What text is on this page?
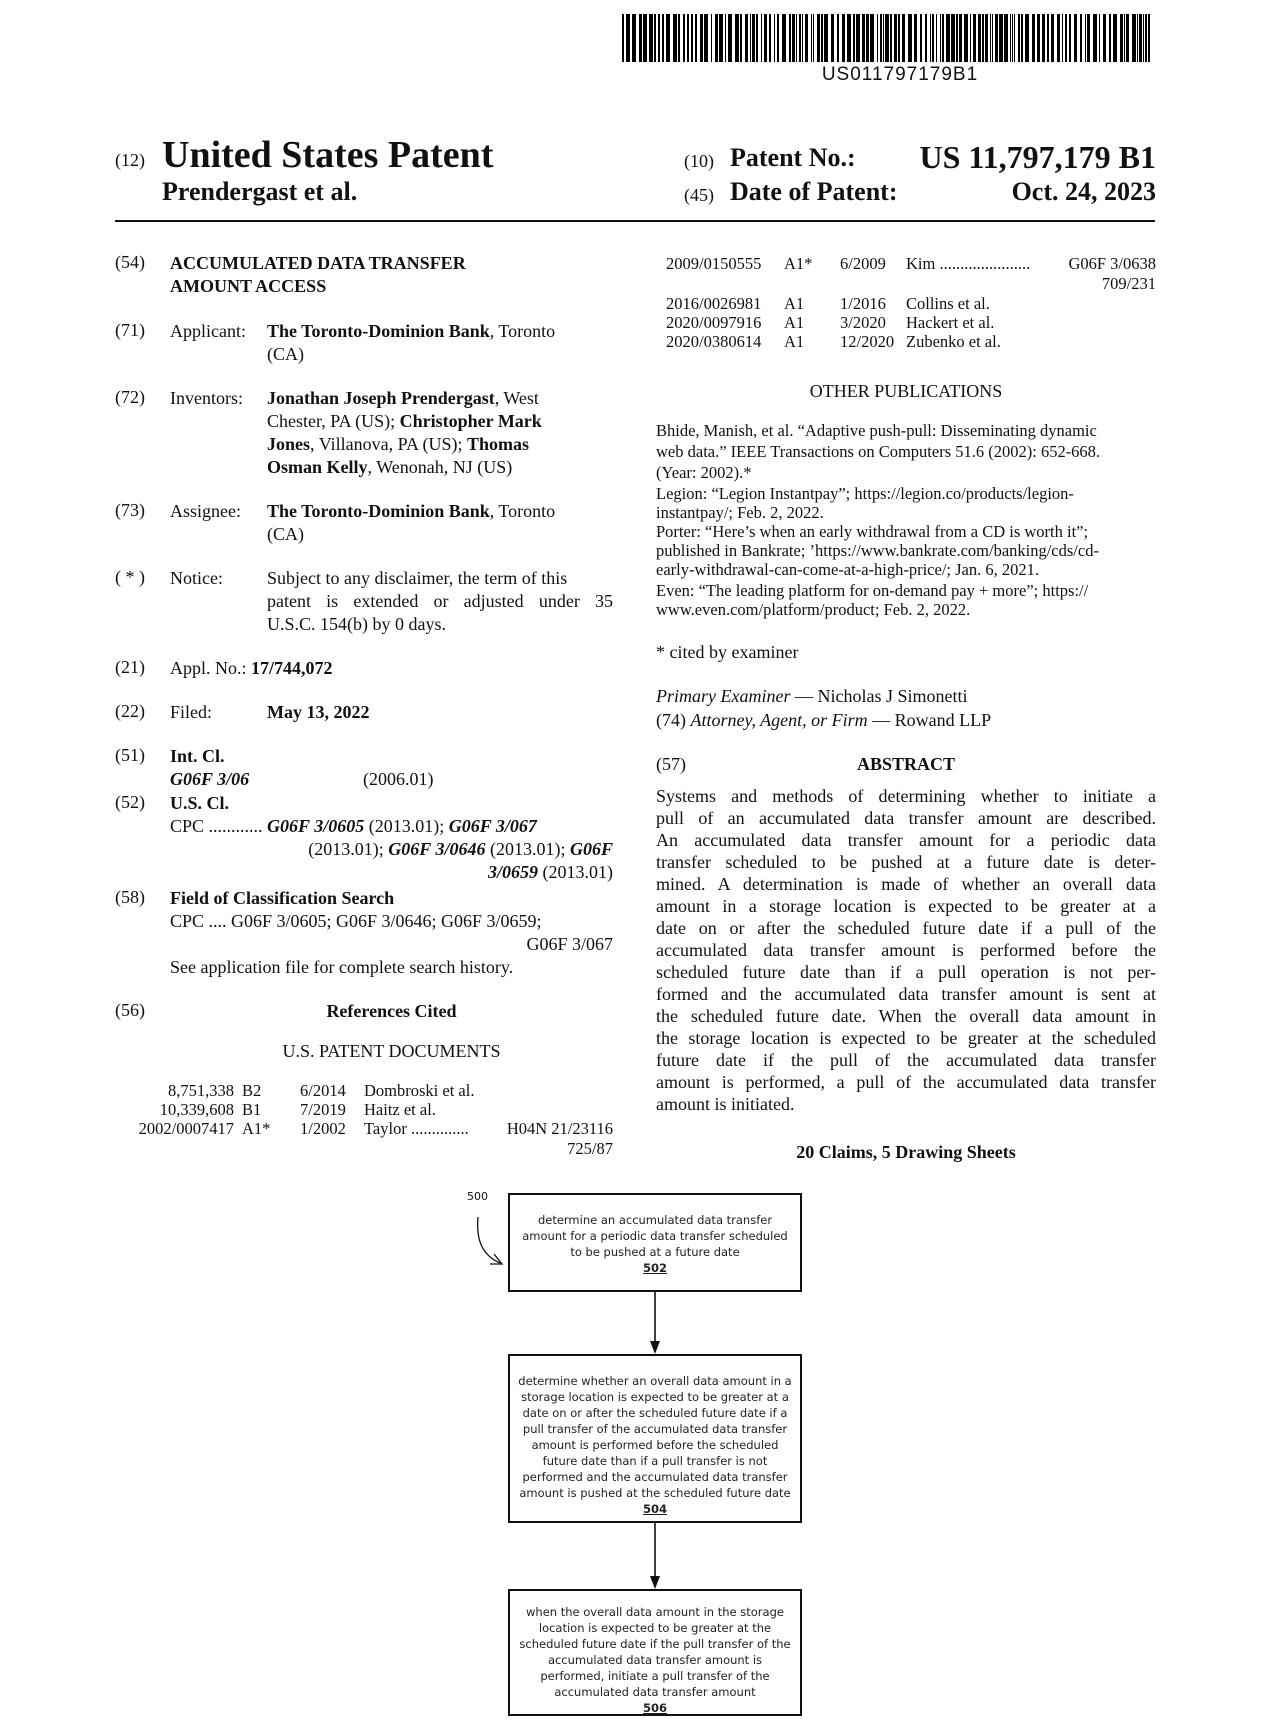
US011797179B1
(12) United States Patent
Prendergast et al.
(10) Patent No.:	US 11,797,179 B1
(45) Date of Patent:	Oct. 24, 2023
(54) ACCUMULATED DATA TRANSFER
AMOUNT ACCESS
(71) Applicant: The Toronto-Dominion Bank, Toronto
(CA)
(72) Inventors: Jonathan Joseph Prendergast, West
Chester, PA (US); Christopher Mark
Jones, Villanova, PA (US); Thomas
Osman Kelly, Wenonah, NJ (US)
(73) Assignee: The Toronto-Dominion Bank, Toronto
(CA)
( * ) Notice: Subject to any disclaimer, the term of this
patent is extended or adjusted under 35
U.S.C. 154(b) by 0 days.
(21) Appl. No.: 17/744,072
(22) Filed:	May 13, 2022
(51) Int. Cl.
G06F 3/06	(2006.01)
(52) U.S. Cl.
CPC ............ G06F 3/0605 (2013.01); G06F 3/067
(2013.01); G06F 3/0646 (2013.01); G06F
3/0659 (2013.01)
(58) Field of Classification Search
CPC .... G06F 3/0605; G06F 3/0646; G06F 3/0659;
G06F 3/067
See application file for complete search history.
(56)	References Cited
U.S. PATENT DOCUMENTS
8,751,338 B2 6/2014 Dombroski et al.
10,339,608 B1 7/2019 Haitz et al.
2002/0007417 A1* 1/2002 Taylor .............. H04N 21/23116
725/87
2009/0150555 A1* 6/2009 Kim ...................... G06F 3/0638
709/231
2016/0026981 A1 1/2016 Collins et al.
2020/0097916 A1 3/2020 Hackert et al.
2020/0380614 A1 12/2020 Zubenko et al.
OTHER PUBLICATIONS
Bhide, Manish, et al. “Adaptive push-pull: Disseminating dynamic
web data.” IEEE Transactions on Computers 51.6 (2002): 652-668.
(Year: 2002).*
Legion: “Legion Instantpay”; https://legion.co/products/legion-
instantpay/; Feb. 2, 2022.
Porter: “Here’s when an early withdrawal from a CD is worth it”;
published in Bankrate; ’https://www.bankrate.com/banking/cds/cd-
early-withdrawal-can-come-at-a-high-price/; Jan. 6, 2021.
Even: “The leading platform for on-demand pay + more”; https://
www.even.com/platform/product; Feb. 2, 2022.
* cited by examiner
Primary Examiner — Nicholas J Simonetti
(74) Attorney, Agent, or Firm — Rowand LLP
(57)	ABSTRACT
Systems and methods of determining whether to initiate a
pull of an accumulated data transfer amount are described.
An accumulated data transfer amount for a periodic data
transfer scheduled to be pushed at a future date is deter-
mined. A determination is made of whether an overall data
amount in a storage location is expected to be greater at a
date on or after the scheduled future date if a pull of the
accumulated data transfer amount is performed before the
scheduled future date than if a pull operation is not per-
formed and the accumulated data transfer amount is sent at
the scheduled future date. When the overall data amount in
the storage location is expected to be greater at the scheduled
future date if the pull of the accumulated data transfer
amount is performed, a pull of the accumulated data transfer
amount is initiated.
20 Claims, 5 Drawing Sheets
500
determine an accumulated data transfer amount for a periodic data transfer scheduled to be pushed at a future date
502
determine whether an overall data amount in a storage location is expected to be greater at a date on or after the scheduled future date if a pull transfer of the accumulated data transfer amount is performed before the scheduled future date than if a pull transfer is not performed and the accumulated data transfer amount is pushed at the scheduled future date
504
when the overall data amount in the storage location is expected to be greater at the scheduled future date if the pull transfer of the accumulated data transfer amount is performed, initiate a pull transfer of the accumulated data transfer amount
506
